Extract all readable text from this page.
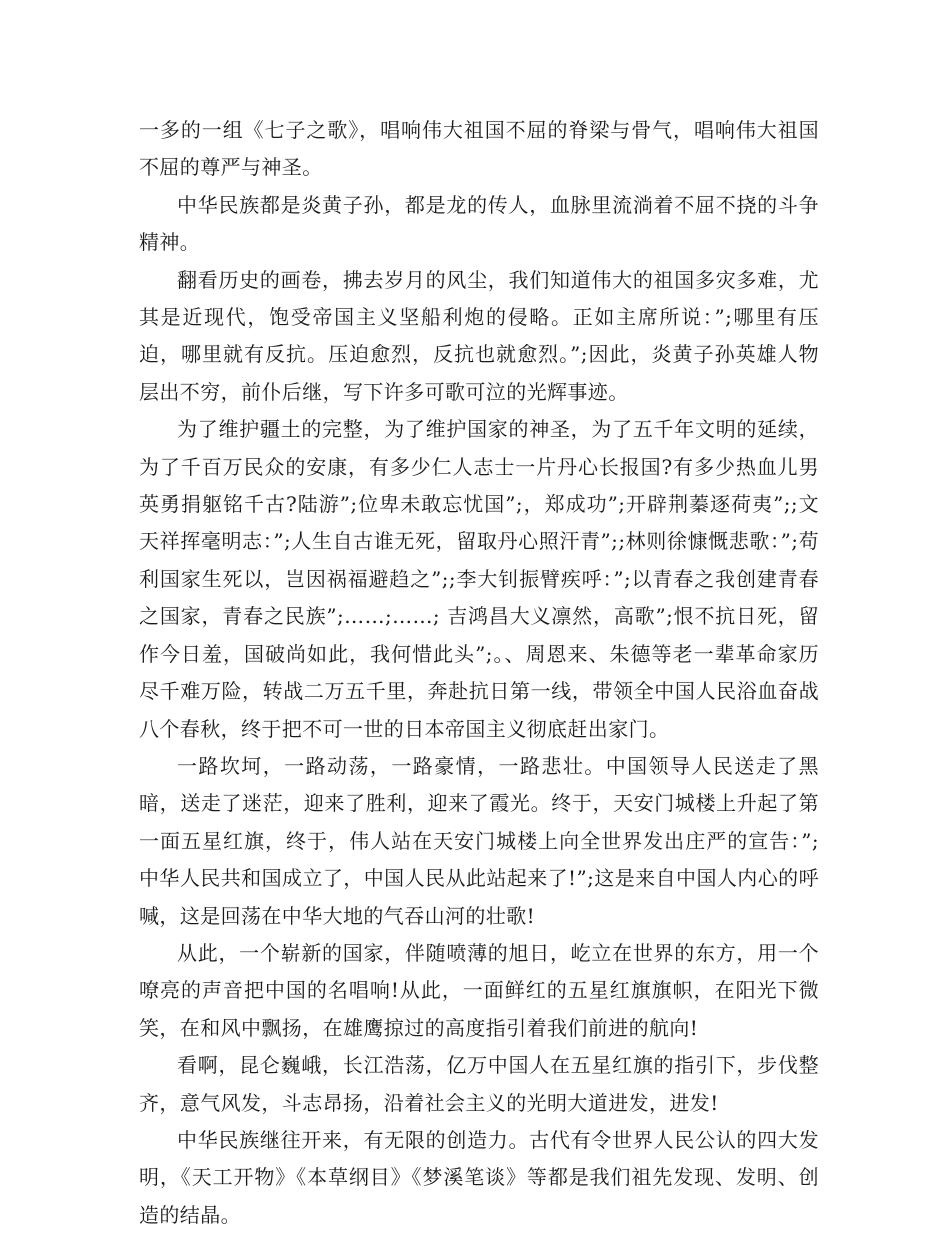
一多的一组《七子之歌》，唱响伟大祖国不屈的脊梁与骨气，唱响伟大祖国不屈的尊严与神圣。

中华民族都是炎黄子孙，都是龙的传人，血脉里流淌着不屈不挠的斗争精神。

翻看历史的画卷，拂去岁月的风尘，我们知道伟大的祖国多灾多难，尤其是近现代，饱受帝国主义坚船利炮的侵略。正如主席所说：”;哪里有压迫，哪里就有反抗。压迫愈烈，反抗也就愈烈。”;因此，炎黄子孙英雄人物层出不穷，前仆后继，写下许多可歌可泣的光辉事迹。

为了维护疆土的完整，为了维护国家的神圣，为了五千年文明的延续，为了千百万民众的安康，有多少仁人志士一片丹心长报国?有多少热血儿男英勇捐躯铭千古?陆游”;位卑未敢忘忧国”;，郑成功”;开辟荆蓁逐荷夷”;;文天祥挥毫明志：”;人生自古谁无死，留取丹心照汗青”;;林则徐慷慨悲歌：”;苟利国家生死以，岂因祸福避趋之”;;李大钊振臂疾呼：”;以青春之我创建青春之国家，青春之民族”;……;……; 吉鸿昌大义凛然，高歌”;恨不抗日死，留作今日羞，国破尚如此，我何惜此头”;。、周恩来、朱德等老一辈革命家历尽千难万险，转战二万五千里，奔赴抗日第一线，带领全中国人民浴血奋战八个春秋，终于把不可一世的日本帝国主义彻底赶出家门。

一路坎坷，一路动荡，一路豪情，一路悲壮。中国领导人民送走了黑暗，送走了迷茫，迎来了胜利，迎来了霞光。终于，天安门城楼上升起了第一面五星红旗，终于，伟人站在天安门城楼上向全世界发出庄严的宣告：”;中华人民共和国成立了，中国人民从此站起来了!”;这是来自中国人内心的呼喊，这是回荡在中华大地的气吞山河的壮歌!

从此，一个崭新的国家，伴随喷薄的旭日，屹立在世界的东方，用一个嘹亮的声音把中国的名唱响!从此，一面鲜红的五星红旗旗帜，在阳光下微笑，在和风中飘扬，在雄鹰掠过的高度指引着我们前进的航向!

看啊，昆仑巍峨，长江浩荡，亿万中国人在五星红旗的指引下，步伐整齐，意气风发，斗志昂扬，沿着社会主义的光明大道进发，进发!

中华民族继往开来，有无限的创造力。古代有令世界人民公认的四大发明，《天工开物》《本草纲目》《梦溪笔谈》等都是我们祖先发现、发明、创造的结晶。
